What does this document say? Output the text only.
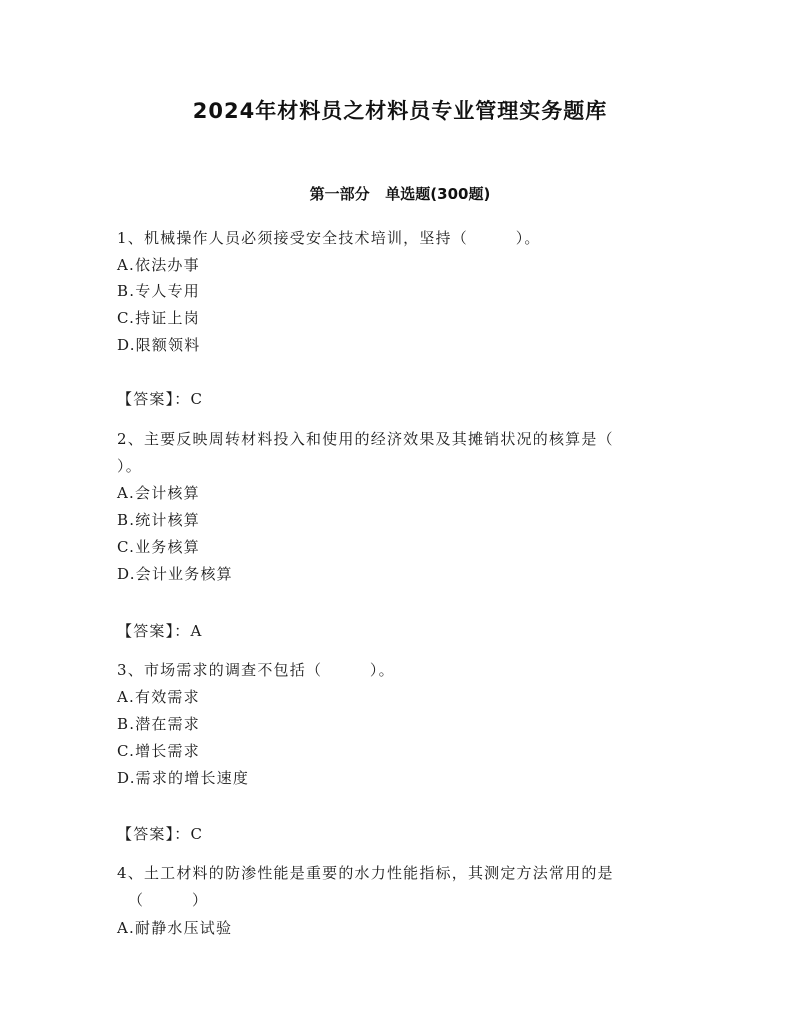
2024年材料员之材料员专业管理实务题库
第一部分   单选题(300题)
1、机械操作人员必须接受安全技术培训，坚持（        ）。
A.依法办事
B.专人专用
C.持证上岗
D.限额领料
【答案】：C
2、主要反映周转材料投入和使用的经济效果及其摊销状况的核算是（
）。
A.会计核算
B.统计核算
C.业务核算
D.会计业务核算
【答案】：A
3、市场需求的调查不包括（        ）。
A.有效需求
B.潜在需求
C.增长需求
D.需求的增长速度
【答案】：C
4、土工材料的防渗性能是重要的水力性能指标，其测定方法常用的是
（        ）
A.耐静水压试验
